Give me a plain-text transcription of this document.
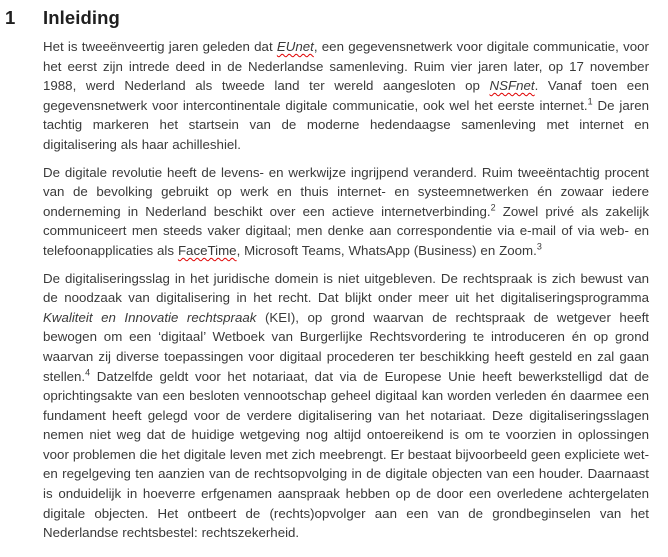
1	Inleiding

Het is tweeënveertig jaren geleden dat EUnet, een gegevensnetwerk voor digitale communicatie, voor het eerst zijn intrede deed in de Nederlandse samenleving. Ruim vier jaren later, op 17 november 1988, werd Nederland als tweede land ter wereld aangesloten op NSFnet. Vanaf toen een gegevensnetwerk voor intercontinentale digitale communicatie, ook wel het eerste internet.$^1$ De jaren tachtig markeren het startsein van de moderne hedendaagse samenleving met internet en digitalisering als haar achilleshiel.

De digitale revolutie heeft de levens- en werkwijze ingrijpend veranderd. Ruim tweeëntachtig procent van de bevolking gebruikt op werk en thuis internet- en systeemnetwerken én zowaar iedere onderneming in Nederland beschikt over een actieve internetverbinding.$^2$ Zowel privé als zakelijk communiceert men steeds vaker digitaal; men denke aan correspondentie via e-mail of via web- en telefoonapplicaties als FaceTime, Microsoft Teams, WhatsApp (Business) en Zoom.$^3$

De digitaliseringsslag in het juridische domein is niet uitgebleven. De rechtspraak is zich bewust van de noodzaak van digitalisering in het recht. Dat blijkt onder meer uit het digitaliseringsprogramma Kwaliteit en Innovatie rechtspraak (KEI), op grond waarvan de rechtspraak de wetgever heeft bewogen om een ‘digitaal’ Wetboek van Burgerlijke Rechtsvordering te introduceren én op grond waarvan zij diverse toepassingen voor digitaal procederen ter beschikking heeft gesteld en zal gaan stellen.$^4$ Datzelfde geldt voor het notariaat, dat via de Europese Unie heeft bewerkstelligd dat de oprichtingsakte van een besloten vennootschap geheel digitaal kan worden verleden én daarmee een fundament heeft gelegd voor de verdere digitalisering van het notariaat. Deze digitaliseringsslagen nemen niet weg dat de huidige wetgeving nog altijd ontoereikend is om te voorzien in oplossingen voor problemen die het digitale leven met zich meebrengt. Er bestaat bijvoorbeeld geen expliciete wet- en regelgeving ten aanzien van de rechtsopvolging in de digitale objecten van een houder. Daarnaast is onduidelijk in hoeverre erfgenamen aanspraak hebben op de door een overledene achtergelaten digitale objecten. Het ontbeert de (rechts)opvolger aan een van de grondbeginselen van het Nederlandse rechtsbestel: rechtszekerheid.
